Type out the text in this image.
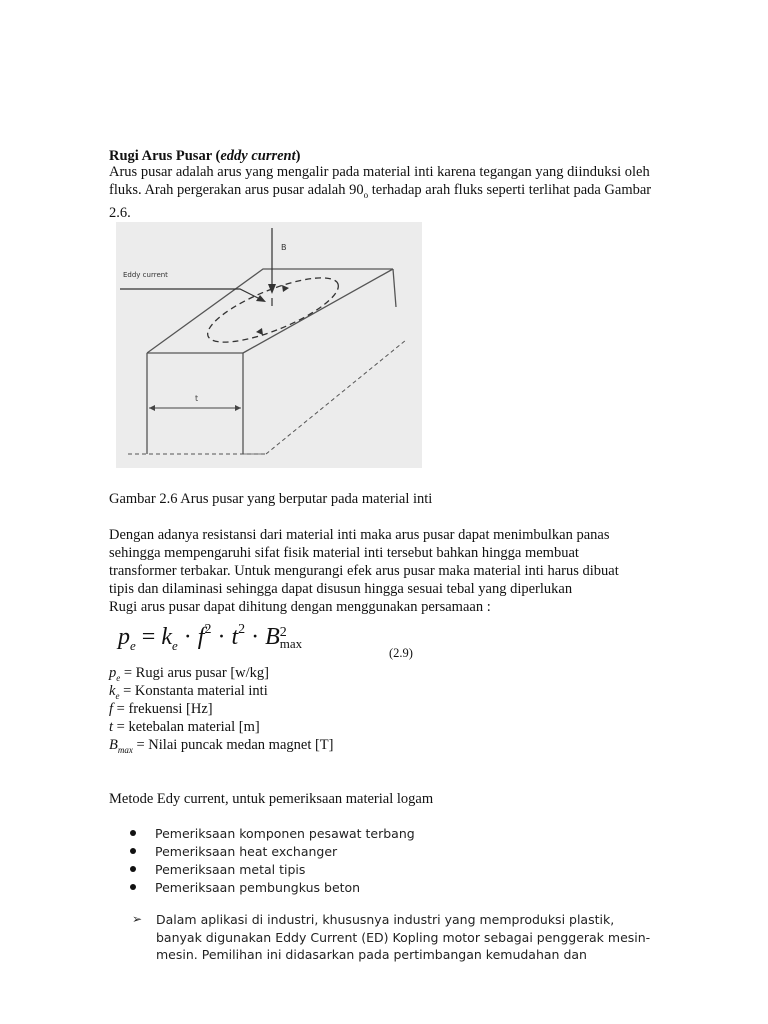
Rugi Arus Pusar (eddy current)

Arus pusar adalah arus yang mengalir pada material inti karena tegangan yang diinduksi oleh fluks. Arah pergerakan arus pusar adalah $90_o$ terhadap arah fluks seperti terlihat pada Gambar 2.6.

t
B
Eddy current
Gambar 2.6 Arus pusar yang berputar pada material inti
Dengan adanya resistansi dari material inti maka arus pusar dapat menimbulkan panas
sehingga mempengaruhi sifat fisik material inti tersebut bahkan hingga membuat
transformer terbakar. Untuk mengurangi efek arus pusar maka material inti harus dibuat
tipis dan dilaminasi sehingga dapat disusun hingga sesuai tebal yang diperlukan
Rugi arus pusar dapat dihitung dengan menggunakan persamaan :
$p_e = k_e \cdot f^2 \cdot t^2 \cdot B$ 2
max
(2.9)
$p_e$ = Rugi arus pusar [w/kg]
$k_e$ = Konstanta material inti
f = frekuensi [Hz]
t = ketebalan material [m]
$B_{max}$ = Nilai puncak medan magnet [T]
Metode Edy current, untuk pemeriksaan material logam
Pemeriksaan komponen pesawat terbang
Pemeriksaan heat exchanger
Pemeriksaan metal tipis
Pemeriksaan pembungkus beton
➢ Dalam aplikasi di industri, khususnya industri yang memproduksi plastik,
banyak digunakan Eddy Current (ED) Kopling motor sebagai penggerak mesin-
mesin. Pemilihan ini didasarkan pada pertimbangan kemudahan dan
